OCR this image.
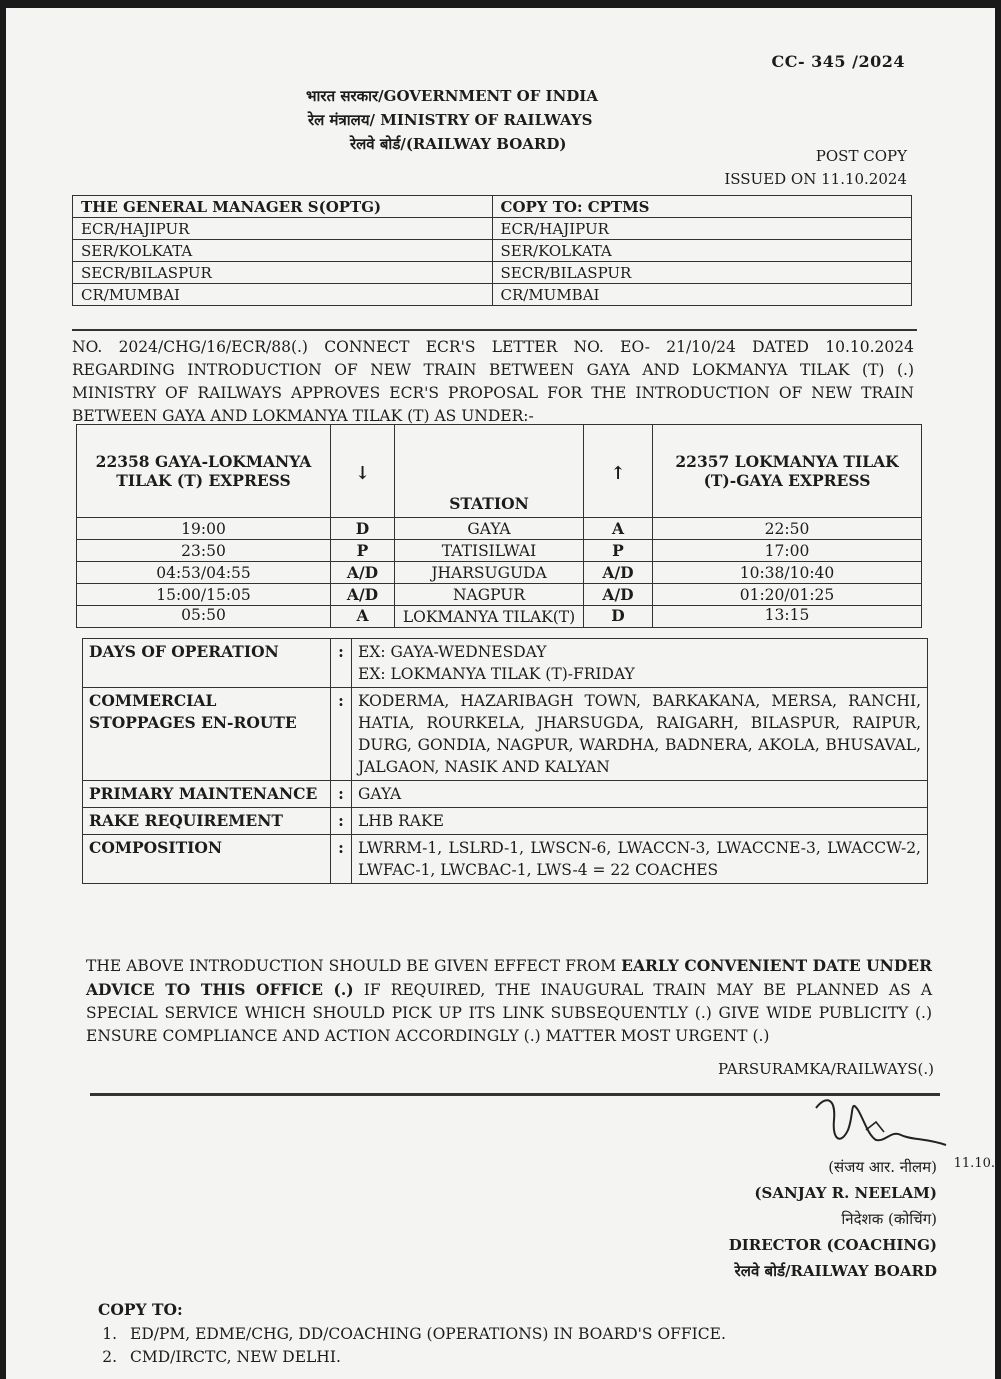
CC- 345 /2024
भारत सरकार/GOVERNMENT OF INDIA
रेल मंत्रालय/ MINISTRY OF RAILWAYS
रेलवे बोर्ड/(RAILWAY BOARD)
POST COPY
ISSUED ON 11.10.2024
THE GENERAL MANAGER S(OPTG)	COPY TO: CPTMS
ECR/HAJIPUR	ECR/HAJIPUR
SER/KOLKATA	SER/KOLKATA
SECR/BILASPUR	SECR/BILASPUR
CR/MUMBAI	CR/MUMBAI
NO. 2024/CHG/16/ECR/88(.) CONNECT ECR'S LETTER NO. EO- 21/10/24 DATED 10.10.2024 REGARDING INTRODUCTION OF NEW TRAIN BETWEEN GAYA AND LOKMANYA TILAK (T) (.) MINISTRY OF RAILWAYS APPROVES ECR'S PROPOSAL FOR THE INTRODUCTION OF NEW TRAIN BETWEEN GAYA AND LOKMANYA TILAK (T) AS UNDER:-
22358 GAYA-LOKMANYA TILAK (T) EXPRESS	↓	STATION	↑	22357 LOKMANYA TILAK (T)-GAYA EXPRESS
19:00	D	GAYA	A	22:50
23:50	P	TATISILWAI	P	17:00
04:53/04:55	A/D	JHARSUGUDA	A/D	10:38/10:40
15:00/15:05	A/D	NAGPUR	A/D	01:20/01:25
05:50	A	LOKMANYA TILAK(T)	D	13:15
DAYS OF OPERATION	:	EX: GAYA-WEDNESDAY
EX: LOKMANYA TILAK (T)-FRIDAY

COMMERCIAL STOPPAGES EN-ROUTE	:	KODERMA, HAZARIBAGH TOWN, BARKAKANA, MERSA, RANCHI, HATIA, ROURKELA, JHARSUGDA, RAIGARH, BILASPUR, RAIPUR, DURG, GONDIA, NAGPUR, WARDHA, BADNERA, AKOLA, BHUSAVAL, JALGAON, NASIK AND KALYAN
PRIMARY MAINTENANCE	:	GAYA
RAKE REQUIREMENT	:	LHB RAKE
COMPOSITION	:	LWRRM-1, LSLRD-1, LWSCN-6, LWACCN-3, LWACCNE-3, LWACCW-2, LWFAC-1, LWCBAC-1, LWS-4 = 22 COACHES
THE ABOVE INTRODUCTION SHOULD BE GIVEN EFFECT FROM EARLY CONVENIENT DATE UNDER ADVICE TO THIS OFFICE (.) IF REQUIRED, THE INAUGURAL TRAIN MAY BE PLANNED AS A SPECIAL SERVICE WHICH SHOULD PICK UP ITS LINK SUBSEQUENTLY (.) GIVE WIDE PUBLICITY (.) ENSURE COMPLIANCE AND ACTION ACCORDINGLY (.) MATTER MOST URGENT (.)
PARSURAMKA/RAILWAYS(.)
11.10.
(संजय आर. नीलम)
(SANJAY R. NEELAM)
निदेशक (कोचिंग)
DIRECTOR (COACHING)
रेलवे बोर्ड/RAILWAY BOARD
COPY TO:
1. ED/PM, EDME/CHG, DD/COACHING (OPERATIONS) IN BOARD'S OFFICE.
2. CMD/IRCTC, NEW DELHI.
